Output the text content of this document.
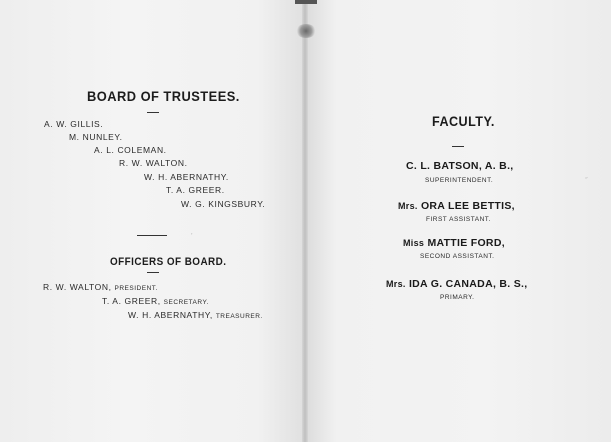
BOARD OF TRUSTEES.
A. W. GILLIS.
M. NUNLEY.
A. L. COLEMAN.
R. W. WALTON.
W. H. ABERNATHY.
T. A. GREER.
W. G. KINGSBURY.
’
OFFICERS OF BOARD.
R. W. WALTON, PRESIDENT.
T. A. GREER, SECRETARY.
W. H. ABERNATHY, TREASURER.
FACULTY.
C. L. BATSON, A. B.,
SUPERINTENDENT.
Mrs. ORA LEE BETTIS,
FIRST ASSISTANT.
Miss MATTIE FORD,
SECOND ASSISTANT.
Mrs. IDA G. CANADA, B. S.,
PRIMARY.
˝
